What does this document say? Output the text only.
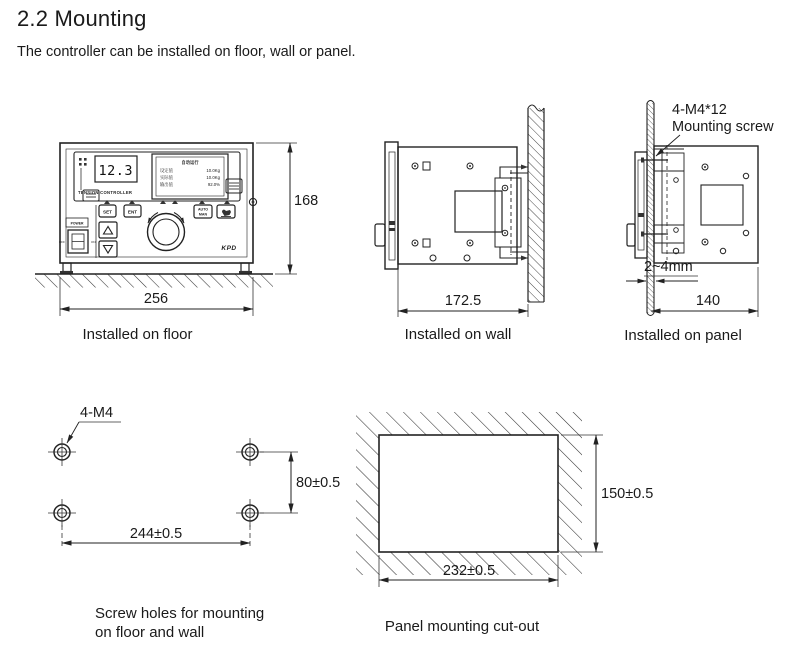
2.2 Mounting
The controller can be installed on floor, wall or panel.
12.3
TENSION CONTROLLER
自动运行
设定值	10.0Kg
实际值	10.0Kg
输出值	92.0%
SET	ENT	AUTO
MAN
POWER
OFF	ON
KPD
168
256	172.5
4-M4*12
Mounting screw
2~4mm
140
4-M4
80±0.5
244±0.5
150±0.5
232±0.5
Installed on floor	Installed on wall	Installed on panel
Screw holes for mounting
on floor and wall	Panel mounting cut-out
